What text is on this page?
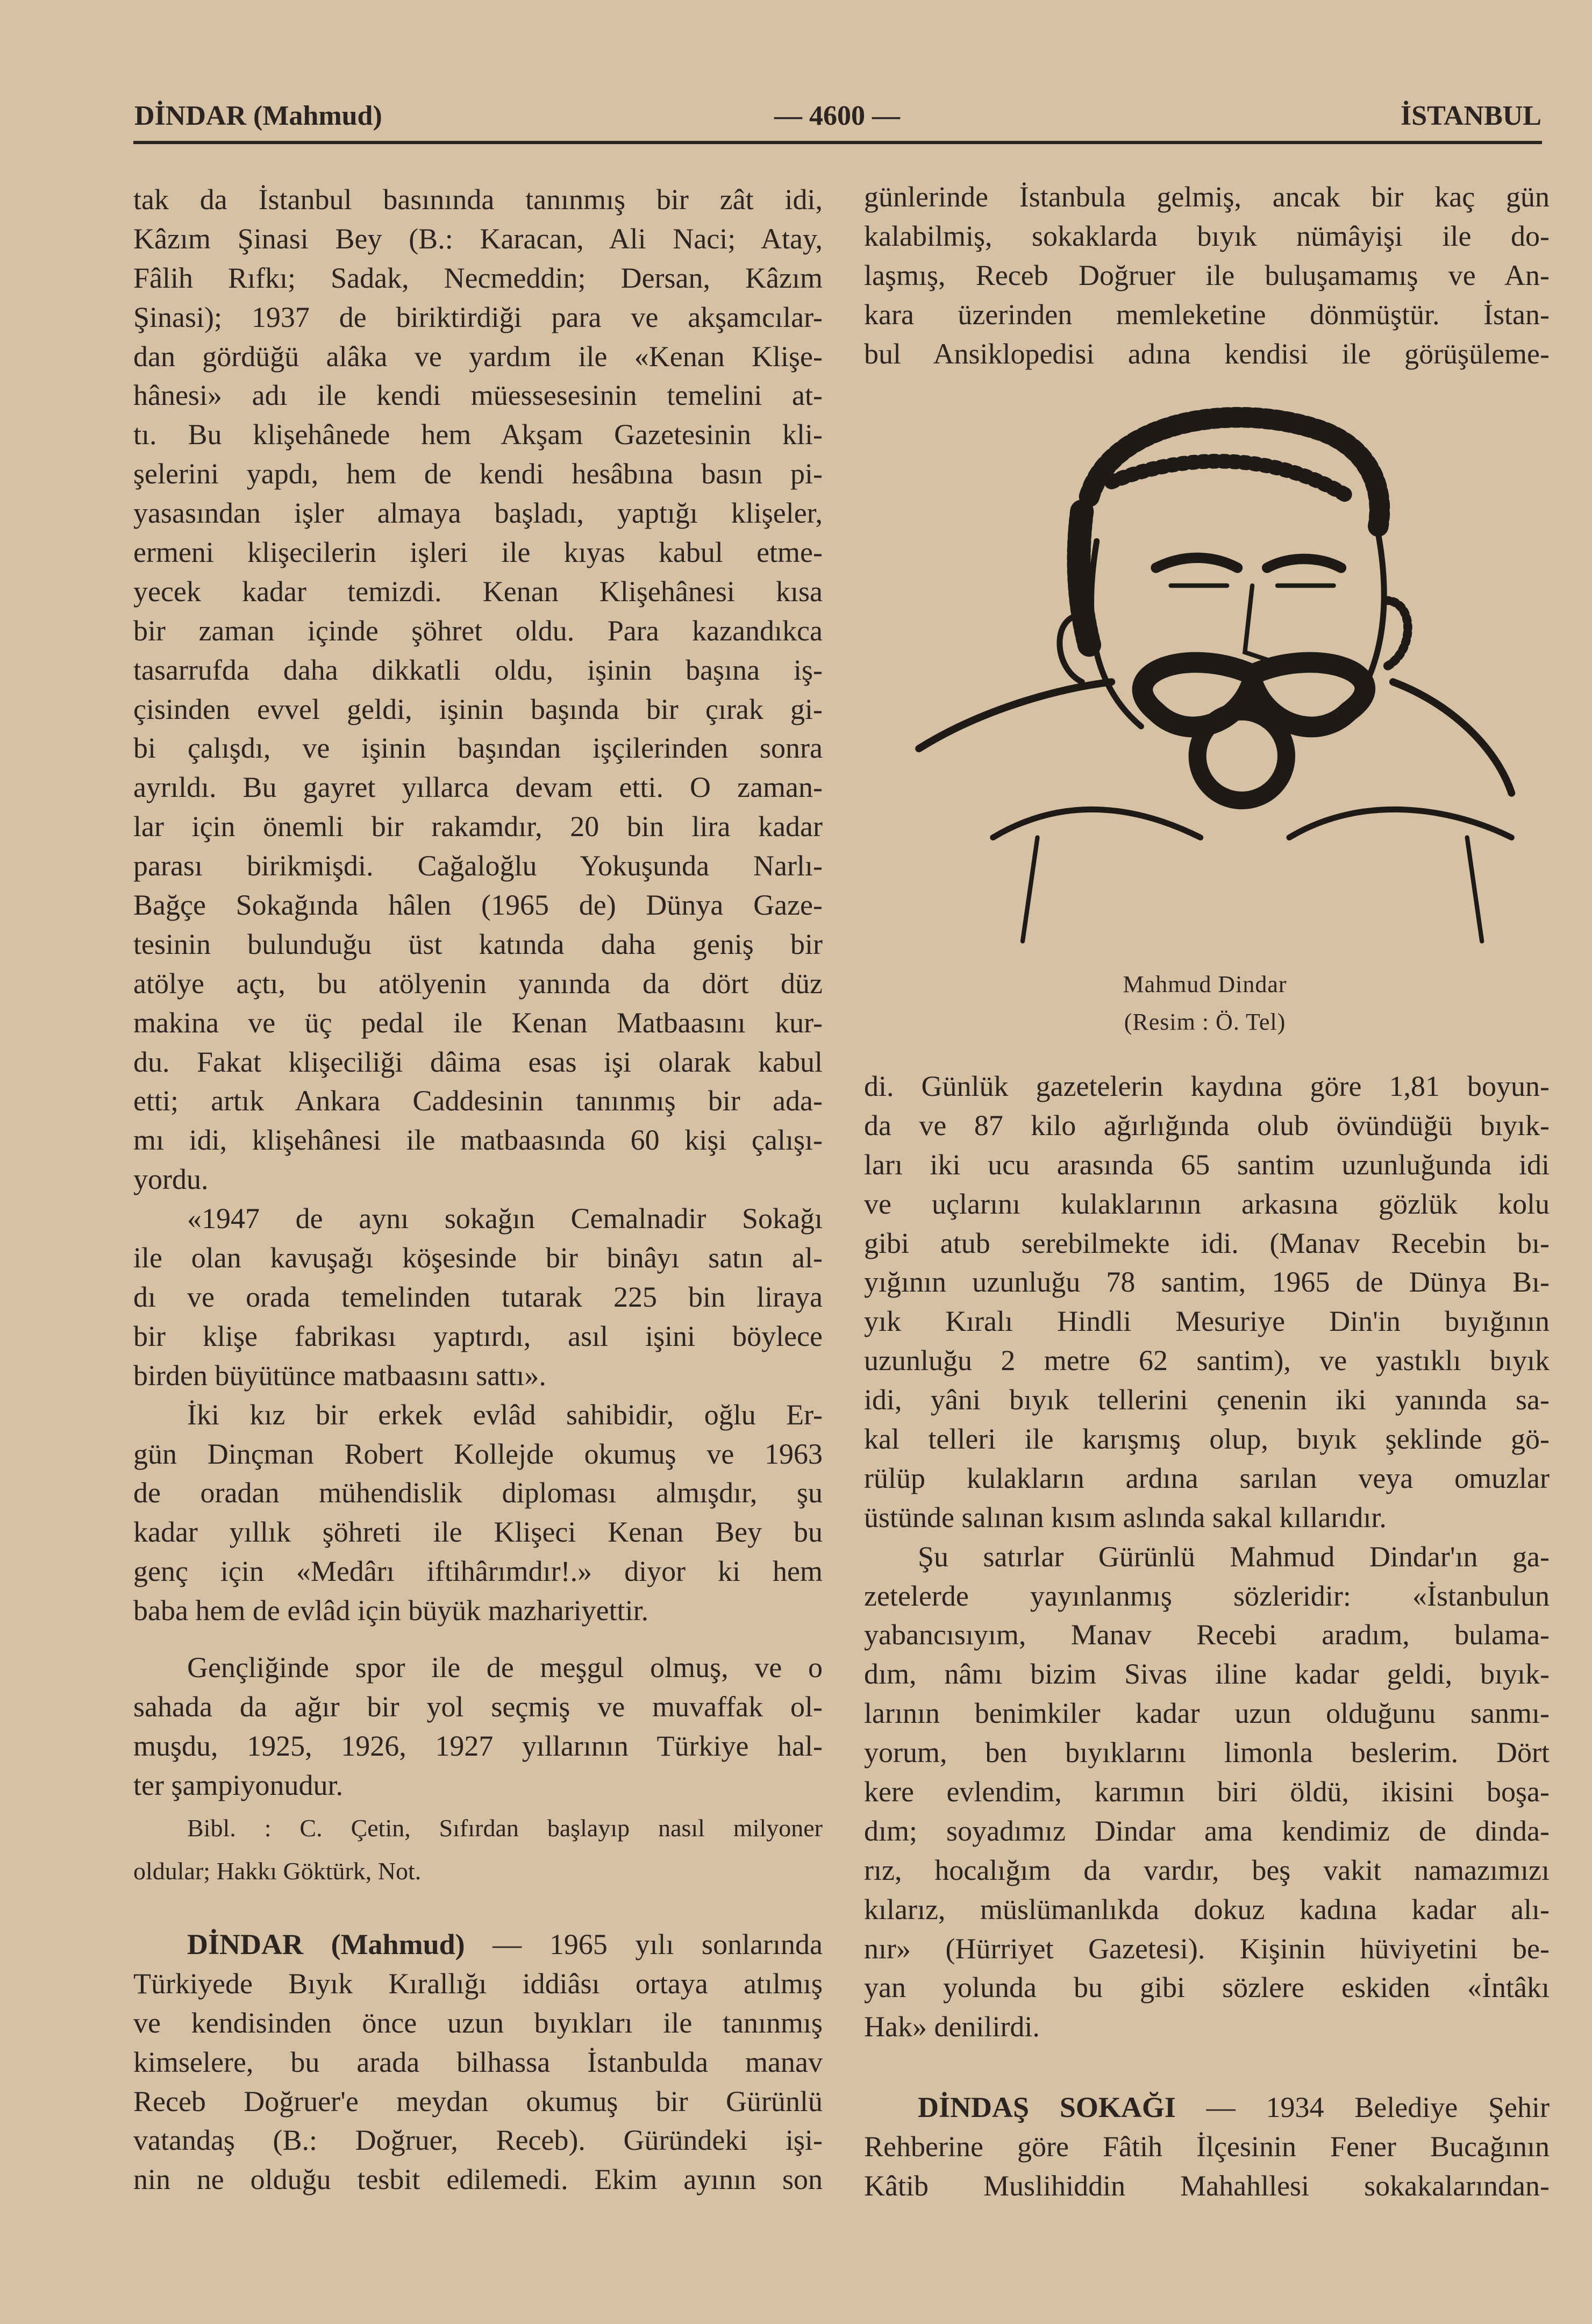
DİNDAR (Mahmud)	— 4600 —	İSTANBUL
tak da İstanbul basınında tanınmış bir zât idi,
Kâzım Şinasi Bey (B.: Karacan, Ali Naci; Atay,
Fâlih Rıfkı; Sadak, Necmeddin; Dersan, Kâzım
Şinasi); 1937 de biriktirdiği para ve akşamcılar-
dan gördüğü alâka ve yardım ile «Kenan Klişe-
hânesi» adı ile kendi müessesesinin temelini at-
tı. Bu klişehânede hem Akşam Gazetesinin kli-
şelerini yapdı, hem de kendi hesâbına basın pi-
yasasından işler almaya başladı, yaptığı klişeler,
ermeni klişecilerin işleri ile kıyas kabul etme-
yecek kadar temizdi. Kenan Klişehânesi kısa
bir zaman içinde şöhret oldu. Para kazandıkca
tasarrufda daha dikkatli oldu, işinin başına iş-
çisinden evvel geldi, işinin başında bir çırak gi-
bi çalışdı, ve işinin başından işçilerinden sonra
ayrıldı. Bu gayret yıllarca devam etti. O zaman-
lar için önemli bir rakamdır, 20 bin lira kadar
parası birikmişdi. Cağaloğlu Yokuşunda Narlı-
Bağçe Sokağında hâlen (1965 de) Dünya Gaze-
tesinin bulunduğu üst katında daha geniş bir
atölye açtı, bu atölyenin yanında da dört düz
makina ve üç pedal ile Kenan Matbaasını kur-
du. Fakat klişeciliği dâima esas işi olarak kabul
etti; artık Ankara Caddesinin tanınmış bir ada-
mı idi, klişehânesi ile matbaasında 60 kişi çalışı-
yordu.
«1947 de aynı sokağın Cemalnadir Sokağı
ile olan kavuşağı köşesinde bir binâyı satın al-
dı ve orada temelinden tutarak 225 bin liraya
bir klişe fabrikası yaptırdı, asıl işini böylece
birden büyütünce matbaasını sattı».
İki kız bir erkek evlâd sahibidir, oğlu Er-
gün Dinçman Robert Kollejde okumuş ve 1963
de oradan mühendislik diploması almışdır, şu
kadar yıllık şöhreti ile Klişeci Kenan Bey bu
genç için «Medârı iftihârımdır!.» diyor ki hem
baba hem de evlâd için büyük mazhariyettir.
Gençliğinde spor ile de meşgul olmuş, ve o
sahada da ağır bir yol seçmiş ve muvaffak ol-
muşdu, 1925, 1926, 1927 yıllarının Türkiye hal-
ter şampiyonudur.
Bibl. : C. Çetin, Sıfırdan başlayıp nasıl milyoner
oldular; Hakkı Göktürk, Not.
DİNDAR (Mahmud) — 1965 yılı sonlarında
Türkiyede Bıyık Kırallığı iddiâsı ortaya atılmış
ve kendisinden önce uzun bıyıkları ile tanınmış
kimselere, bu arada bilhassa İstanbulda manav
Receb Doğruer'e meydan okumuş bir Gürünlü
vatandaş (B.: Doğruer, Receb). Güründeki işi-
nin ne olduğu tesbit edilemedi. Ekim ayının son
günlerinde İstanbula gelmiş, ancak bir kaç gün
kalabilmiş, sokaklarda bıyık nümâyişi ile do-
laşmış, Receb Doğruer ile buluşamamış ve An-
kara üzerinden memleketine dönmüştür. İstan-
bul Ansiklopedisi adına kendisi ile görüşüleme-
di. Günlük gazetelerin kaydına göre 1,81 boyun-
da ve 87 kilo ağırlığında olub övündüğü bıyık-
ları iki ucu arasında 65 santim uzunluğunda idi
ve uçlarını kulaklarının arkasına gözlük kolu
gibi atub serebilmekte idi. (Manav Recebin bı-
yığının uzunluğu 78 santim, 1965 de Dünya Bı-
yık Kıralı Hindli Mesuriye Din'in bıyığının
uzunluğu 2 metre 62 santim), ve yastıklı bıyık
idi, yâni bıyık tellerini çenenin iki yanında sa-
kal telleri ile karışmış olup, bıyık şeklinde gö-
rülüp kulakların ardına sarılan veya omuzlar
üstünde salınan kısım aslında sakal kıllarıdır.
Şu satırlar Gürünlü Mahmud Dindar'ın ga-
zetelerde yayınlanmış sözleridir: «İstanbulun
yabancısıyım, Manav Recebi aradım, bulama-
dım, nâmı bizim Sivas iline kadar geldi, bıyık-
larının benimkiler kadar uzun olduğunu sanmı-
yorum, ben bıyıklarını limonla beslerim. Dört
kere evlendim, karımın biri öldü, ikisini boşa-
dım; soyadımız Dindar ama kendimiz de dinda-
rız, hocalığım da vardır, beş vakit namazımızı
kılarız, müslümanlıkda dokuz kadına kadar alı-
nır» (Hürriyet Gazetesi). Kişinin hüviyetini be-
yan yolunda bu gibi sözlere eskiden «İntâkı
Hak» denilirdi.
DİNDAŞ SOKAĞI — 1934 Belediye Şehir
Rehberine göre Fâtih İlçesinin Fener Bucağının
Kâtib Muslihiddin Mahahllesi sokakalarından-
Mahmud Dindar
(Resim : Ö. Tel)
